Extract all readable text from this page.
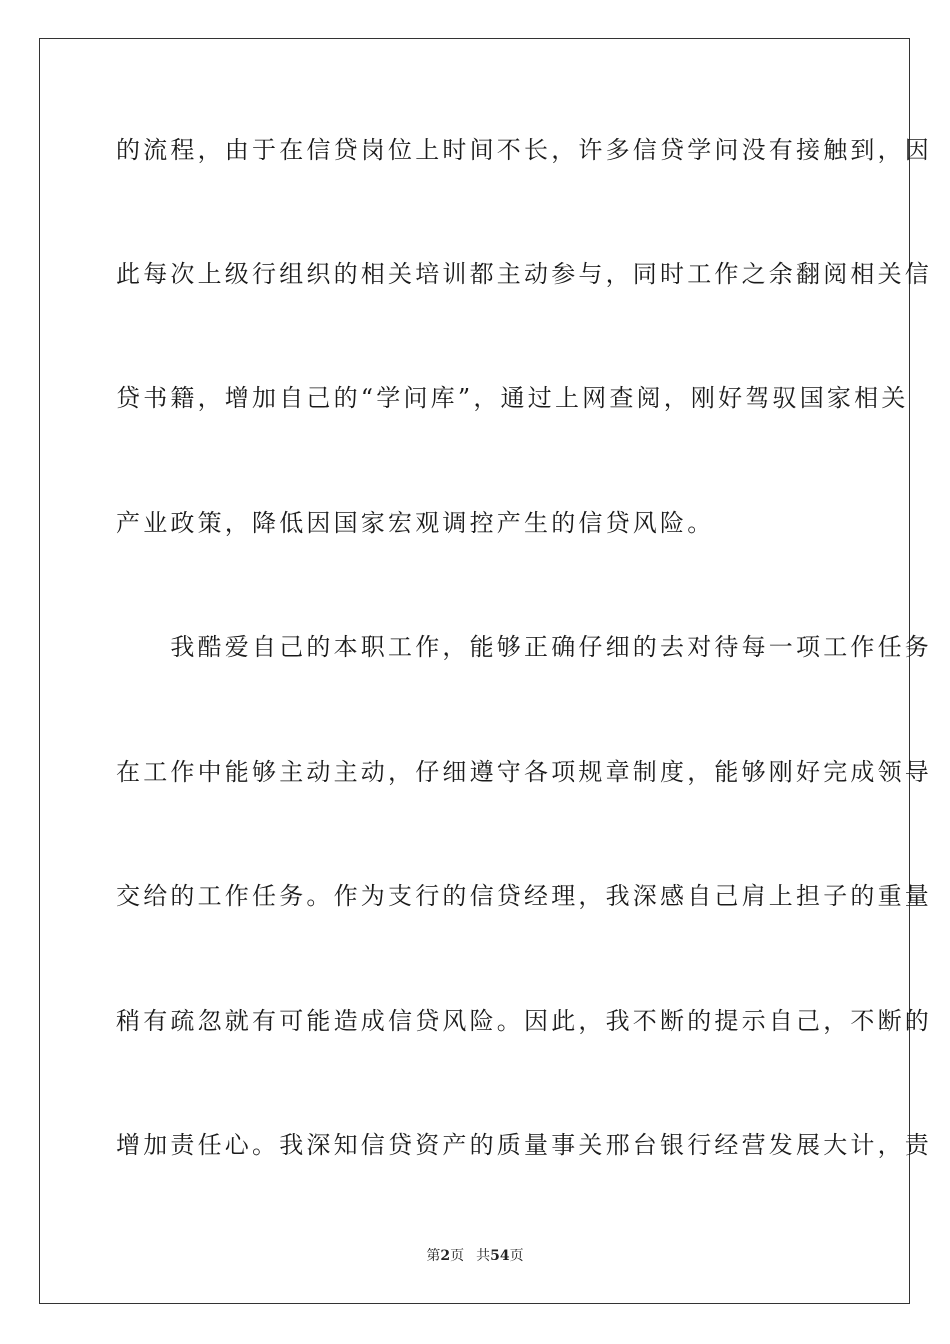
的流程，由于在信贷岗位上时间不长，许多信贷学问没有接触到，因
此每次上级行组织的相关培训都主动参与，同时工作之余翻阅相关信
贷书籍，增加自己的“学问库”，通过上网查阅，刚好驾驭国家相关
产业政策，降低因国家宏观调控产生的信贷风险。
　　我酷爱自己的本职工作，能够正确仔细的去对待每一项工作任务
在工作中能够主动主动，仔细遵守各项规章制度，能够刚好完成领导
交给的工作任务。作为支行的信贷经理，我深感自己肩上担子的重量
稍有疏忽就有可能造成信贷风险。因此，我不断的提示自己，不断的
增加责任心。我深知信贷资产的质量事关邢台银行经营发展大计，责
第2页 共54页
